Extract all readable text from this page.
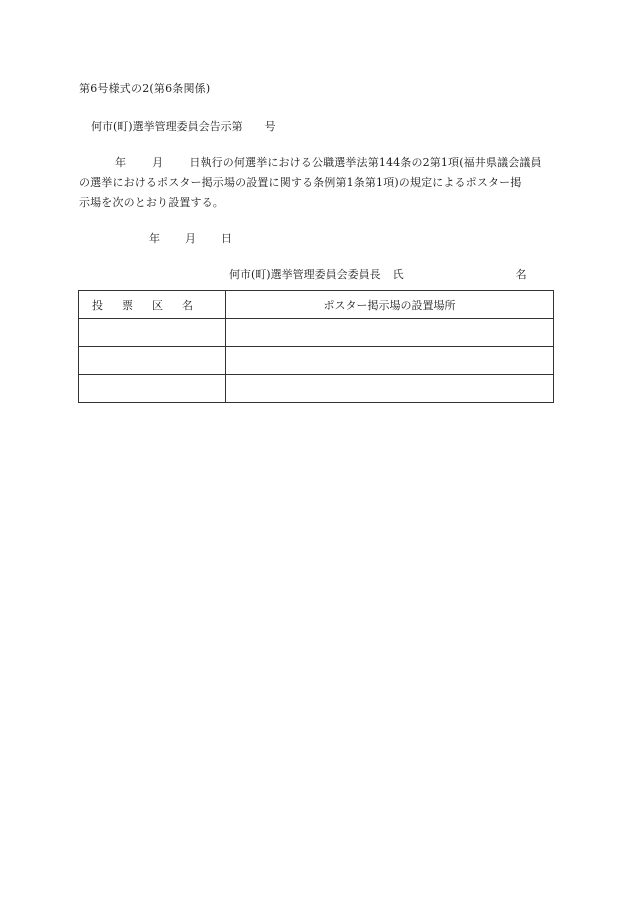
第6号様式の2(第6条関係)
何市(町)選挙管理委員会告示第 号
年 月 日執行の何選挙における公職選挙法第144条の2第1項(福井県議会議員
の選挙におけるポスター掲示場の設置に関する条例第1条第1項)の規定によるポスター掲
示場を次のとおり設置する。
年 月 日
何市(町)選挙管理委員会委員長 氏	名
投票区名	ポスター掲示場の設置場所
